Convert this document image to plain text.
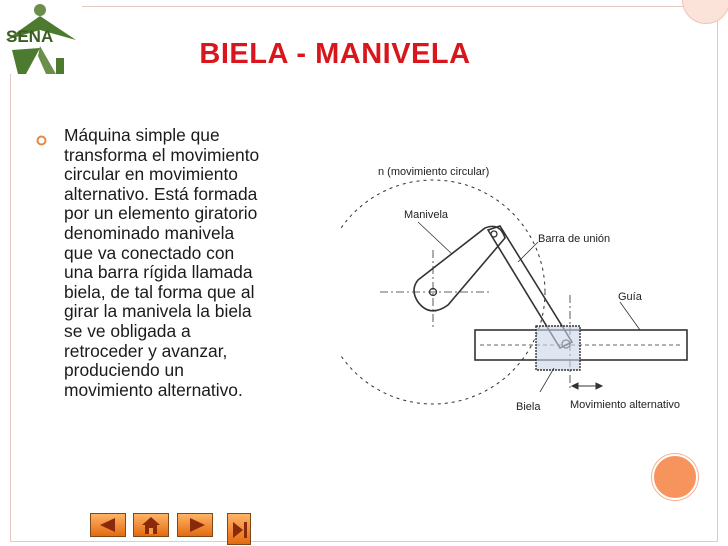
SENA
BIELA - MANIVELA
Máquina simple que
transforma el movimiento
circular en movimiento
alternativo. Está formada
por un elemento giratorio
denominado manivela
que va conectado con
una barra rígida llamada
biela, de tal forma que al
girar la manivela la biela
se ve obligada a
retroceder y avanzar,
produciendo un
movimiento alternativo.
n (movimiento circular)
Manivela
Barra de unión
Guía
Biela	Movimiento alternativo
